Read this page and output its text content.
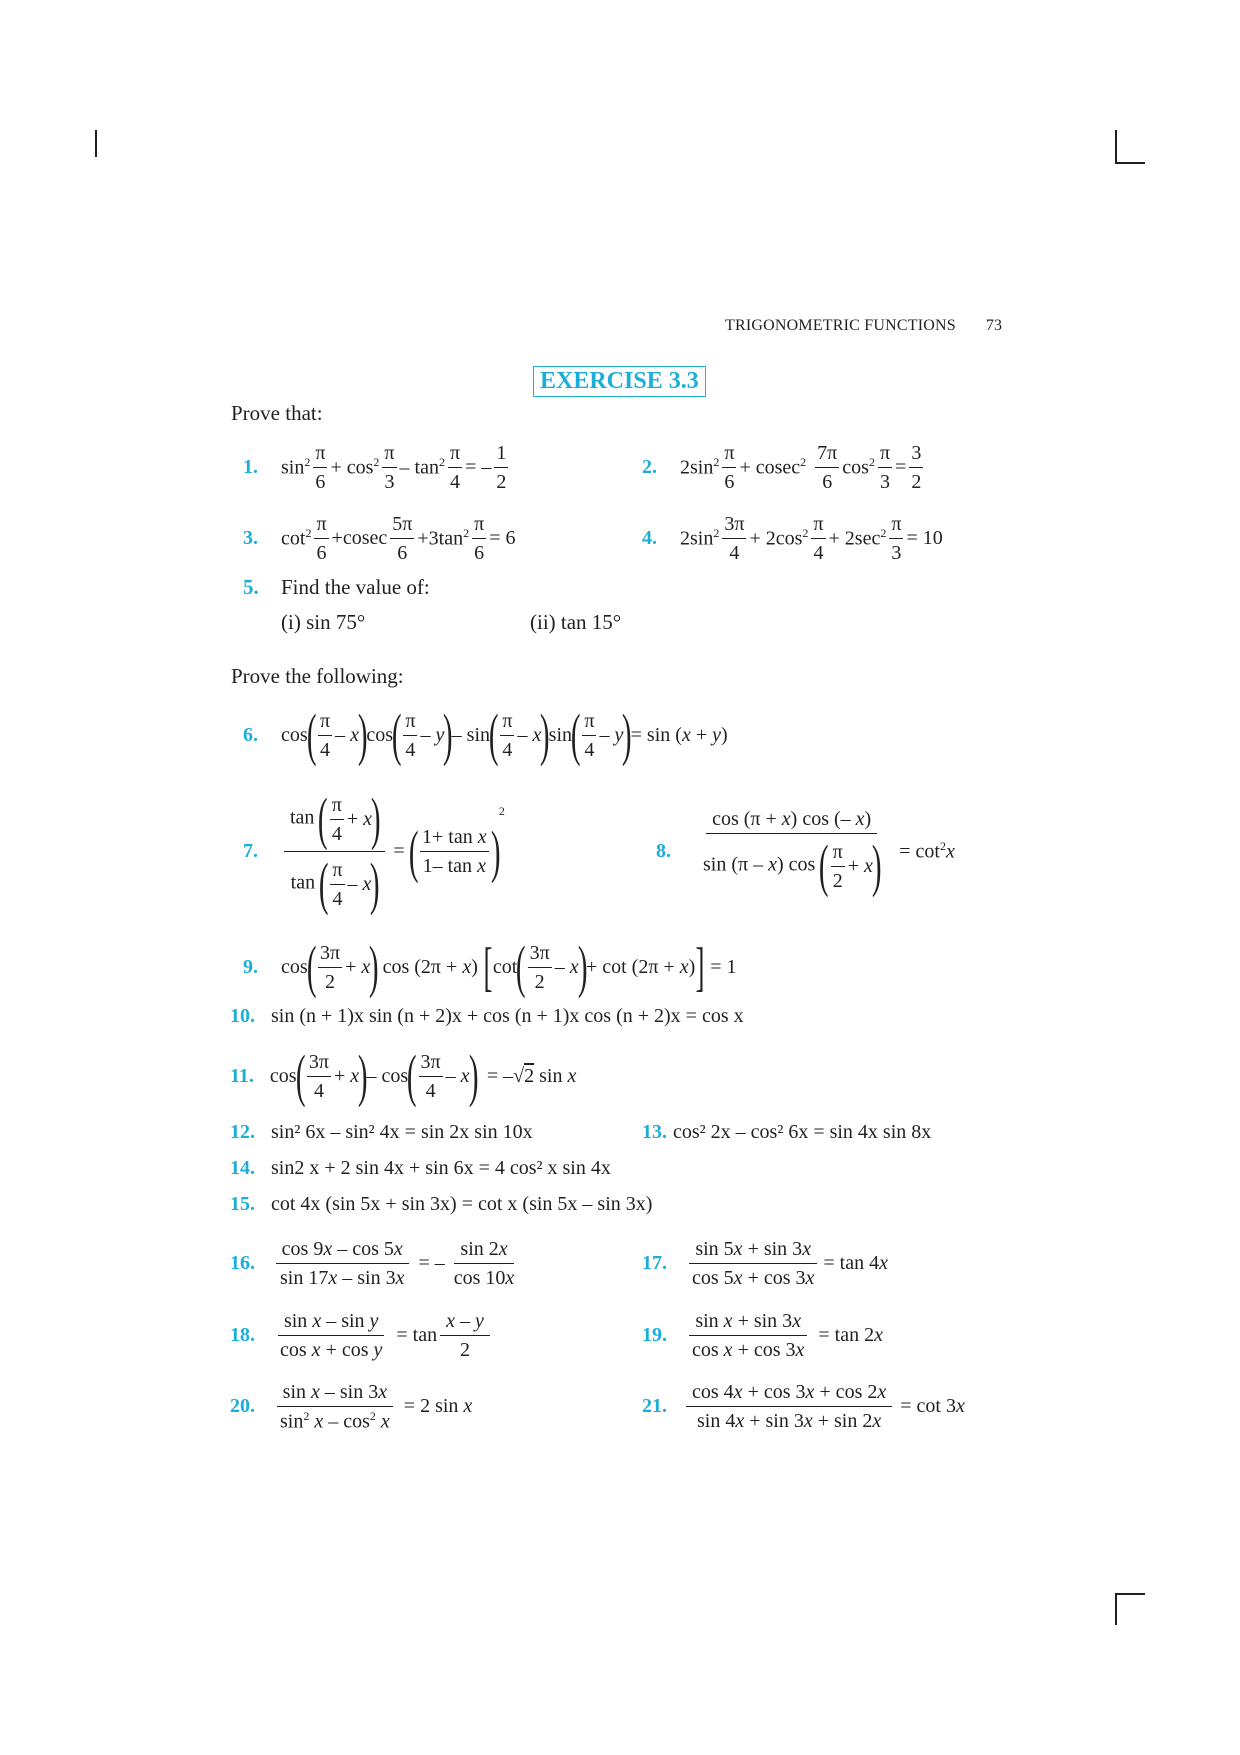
TRIGONOMETRIC FUNCTIONS 73
EXERCISE 3.3
Prove that:
1.	$\sin^2 \frac{\pi}{6} + \cos^2 \frac{\pi}{3} - \tan^2 \frac{\pi}{4}$ = – $\frac{1}{2}$	2.	$2\sin^2 \frac{\pi}{6} + cosec^2 \frac{7\pi}{6} \cos^2 \frac{\pi}{3} = \frac{3}{2}$
3.	$\cot^2 \frac{\pi}{6} +cosec \frac{5\pi}{6} +3\tan^2 \frac{\pi}{6} = 6$	4.	$2\sin^2 \frac{3\pi}{4} + 2\cos^2 \frac{\pi}{4} + 2\sec^2 \frac{\pi}{3} = 10$
5. Find the value of:
(i) sin 75°	(ii) tan 15°
Prove the following:
6.	cos
( $\frac{\pi}{4}$ – x
)
cos
( $\frac{\pi}{4}$ – y
)
– sin
( $\frac{\pi}{4}$ – x
)
sin
( $\frac{\pi}{4}$ – y
)
= sin (x + y)
7.	tan ( $\frac{\pi}{4} + x$
)
tan ( $\frac{\pi}{4}$ – x
) =
( $\frac{\text{1+ tan x}}{\text{1– tan x}}$ )
2
8.	cos (π + x) cos (– x)
sin (π – x) cos ( $\frac{\pi}{2} + x$
) = $\cot^2x$
9.	cos
( $\frac{3\pi}{2} + x$
)
cos (2π + x) [ cot
( $\frac{3\pi}{2}$ – x
)
+ cot (2π + x) ] = 1
10. sin (n + 1)x sin (n + 2)x + cos (n + 1)x cos (n + 2)x = cos x
11. cos
( $\frac{3\pi}{4} + x$
)
– cos
( $\frac{3\pi}{4}$ – x
)
= –√2 sin x
12. sin² 6x – sin² 4x = sin 2x sin 10x	13. cos² 2x – cos² 6x = sin 4x sin 8x
14. sin2 x + 2 sin 4x + sin 6x = 4 cos² x sin 4x
15. cot 4x (sin 5x + sin 3x) = cot x (sin 5x – sin 3x)
16. $\frac{\cos 9x - \cos 5x}{\sin 17x - \sin 3x}$ = – $\frac{\sin 2x}{\cos 10x}$	17. $\frac{\sin 5x + \sin 3x}{\cos 5x + \cos 3x} = \tan 4x$
18. $\frac{\text{sin x – sin y}}{\text{cos x + cos y}} = \tan \frac{x - y}{2}$	19. $\frac{\text{sin x + sin 3x}}{\text{cos x + cos 3x}} = \tan 2x$
20. $\frac{\text{sin x – sin 3x}}{\sin^2 x - \cos^2 x} = 2$ sin x	21. $\frac{\cos 4x + \cos 3x + \cos 2x}{\sin 4x + \sin 3x + \sin 2x} = \cot 3x$
